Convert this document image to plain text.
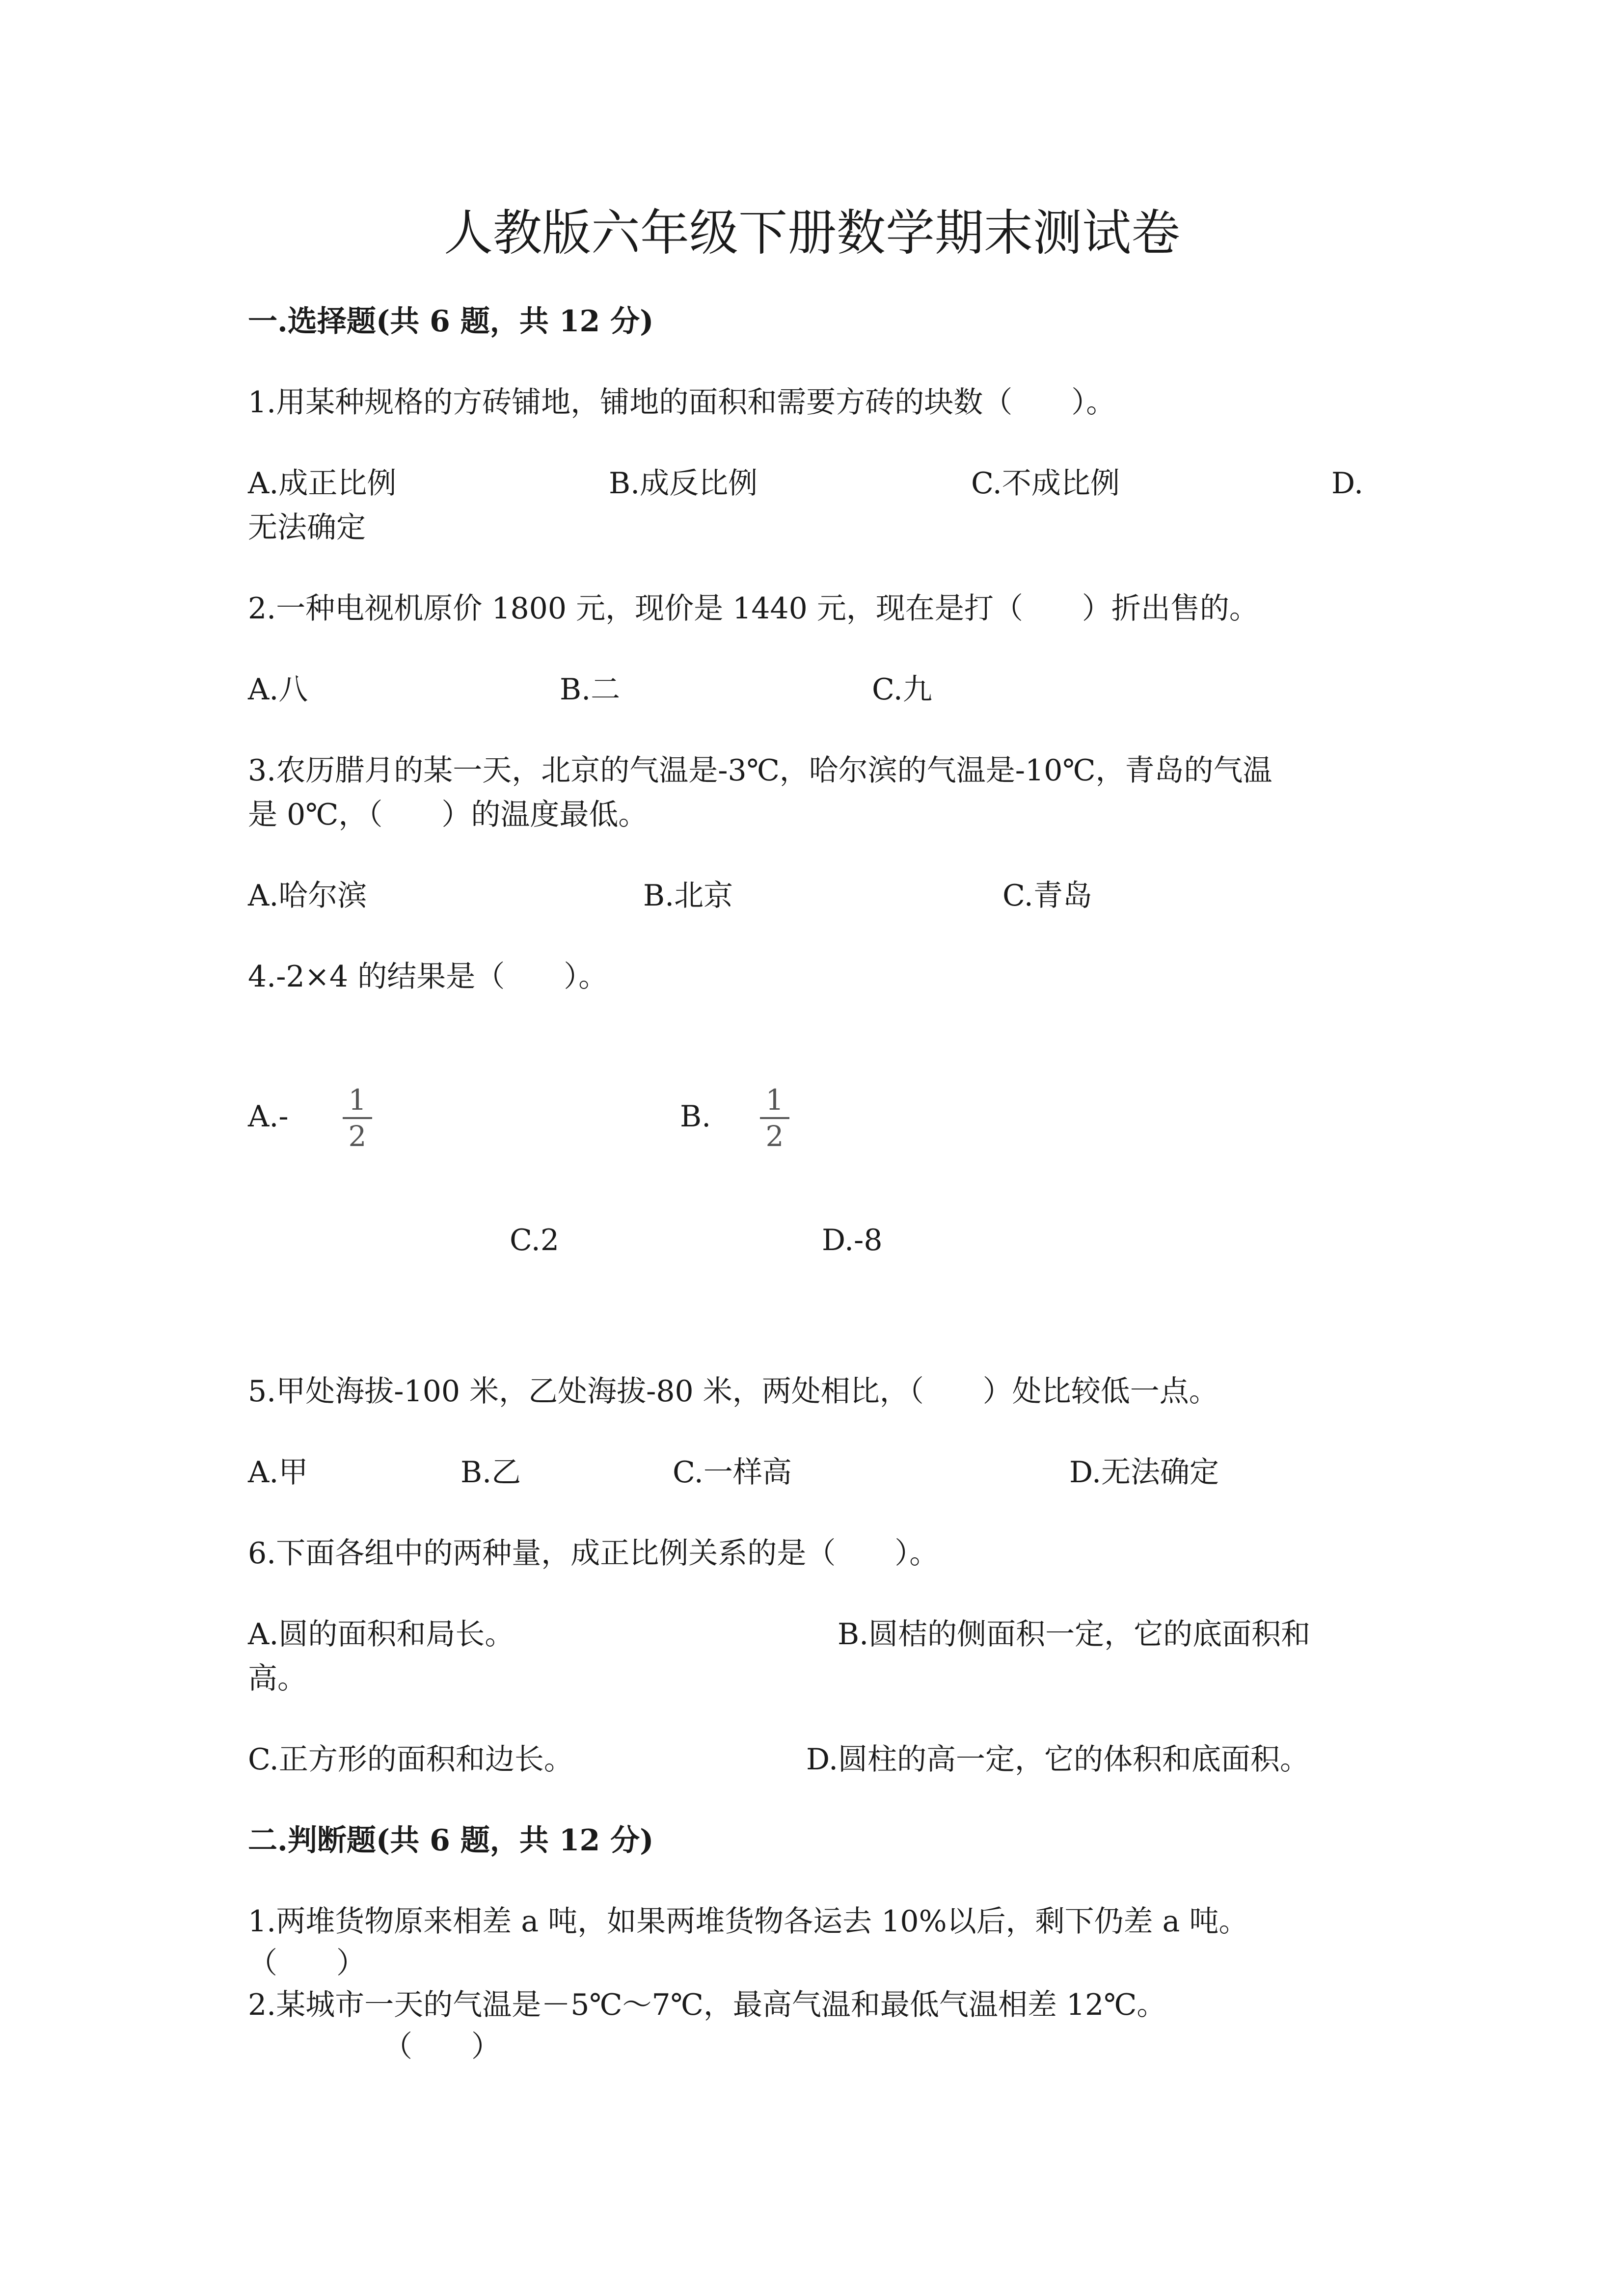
人教版六年级下册数学期末测试卷
一.选择题(共 6 题，共 12 分)
1.用某种规格的方砖铺地，铺地的面积和需要方砖的块数（　　）。
A.成正比例	B.成反比例	C.不成比例	D.
无法确定
2.一种电视机原价 1800 元，现价是 1440 元，现在是打（　　）折出售的。
A.八	B.二	C.九
3.农历腊月的某一天，北京的气温是-3℃，哈尔滨的气温是-10℃，青岛的气温
是 0℃，（　　）的温度最低。
A.哈尔滨	B.北京	C.青岛
4.-2×4 的结果是（　　）。
A.- 1
2
B. 1
2
C.2	D.-8
5.甲处海拔-100 米，乙处海拔-80 米，两处相比，（　　）处比较低一点。
A.甲	B.乙	C.一样高	D.无法确定
6.下面各组中的两种量，成正比例关系的是（　　）。
A.圆的面积和局长。	B.圆桔的侧面积一定，它的底面积和
高。
C.正方形的面积和边长。	D.圆柱的高一定，它的体积和底面积。
二.判断题(共 6 题，共 12 分)
1.两堆货物原来相差 a 吨，如果两堆货物各运去 10%以后，剩下仍差 a 吨。
（　　）
2.某城市一天的气温是－5℃～7℃，最高气温和最低气温相差 12℃。
（　　）
